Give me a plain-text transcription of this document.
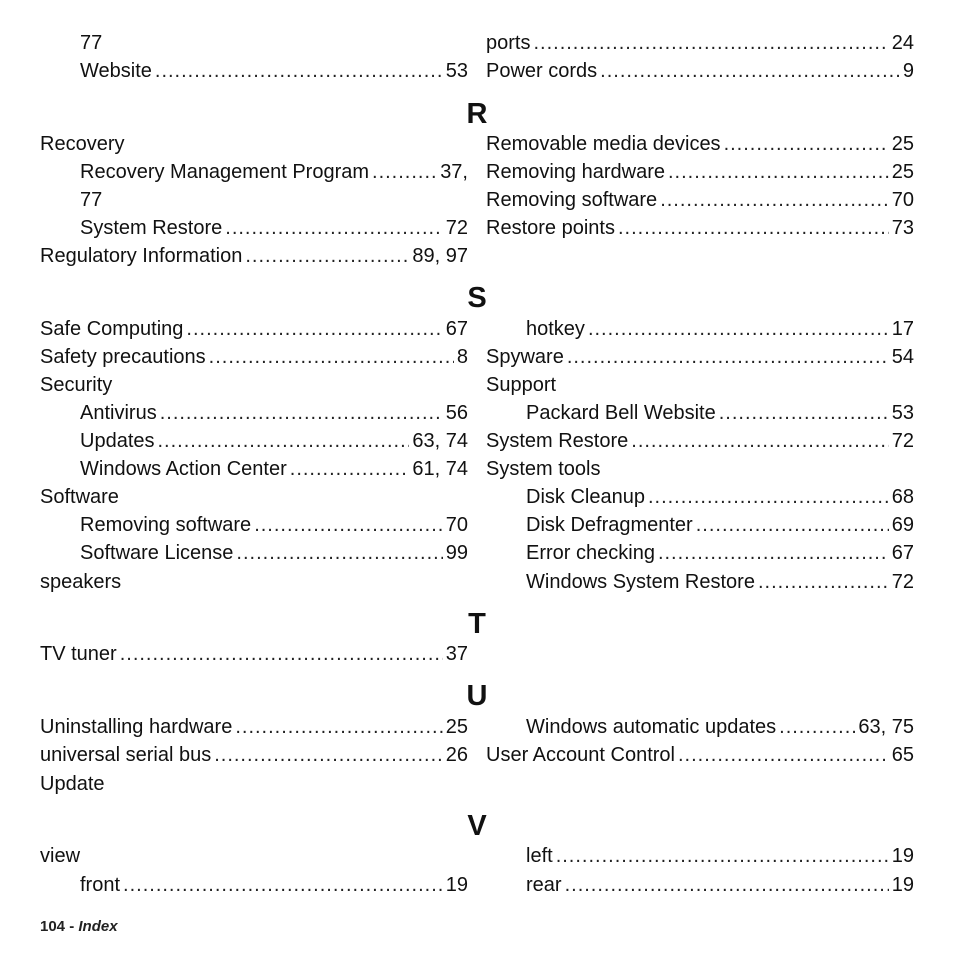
77
Website .....	53
ports .....	24
Power cords .....	9
R
Recovery
Recovery Management Program .....	37,
77
System Restore .....	72
Regulatory Information .....	89, 97
Removable media devices .....	25
Removing hardware .....	25
Removing software .....	70
Restore points .....	73
S
Safe Computing .....	67
Safety precautions .....	8
Security
Antivirus .....	56
Updates .....	63, 74
Windows Action Center .....	61, 74
Software
Removing software .....	70
Software License .....	99
speakers
hotkey .....	17
Spyware .....	54
Support
Packard Bell Website .....	53
System Restore .....	72
System tools
Disk Cleanup .....	68
Disk Defragmenter .....	69
Error checking .....	67
Windows System Restore .....	72
T
TV tuner .....	37
U
Uninstalling hardware .....	25
universal serial bus .....	26
Update
Windows automatic updates .....	63, 75
User Account Control .....	65
V
view
front .....	19
left .....	19
rear .....	19
104 - Index
